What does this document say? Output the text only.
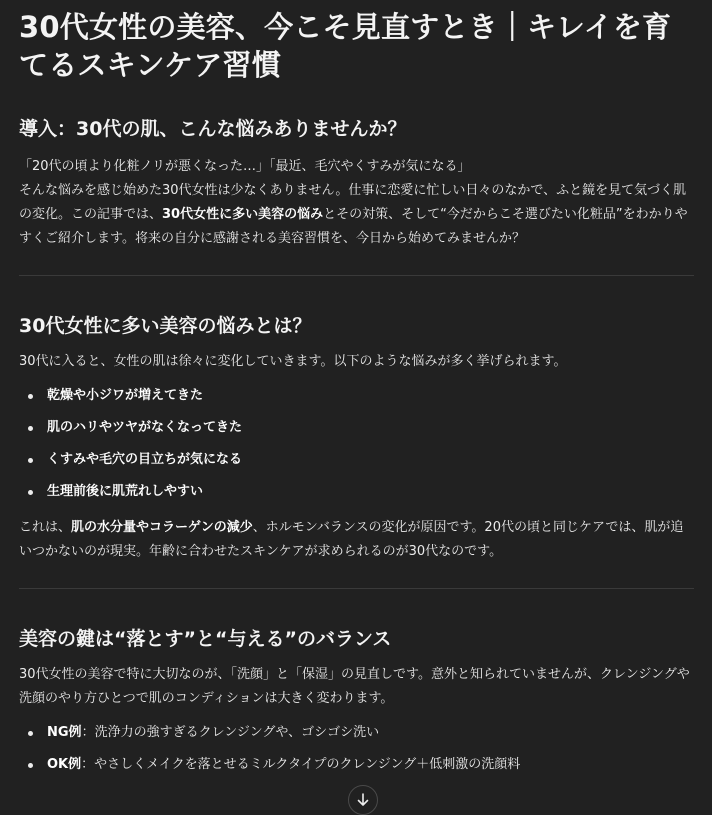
30代女性の美容、今こそ見直すとき｜キレイを育てるスキンケア習慣
導入：30代の肌、こんな悩みありませんか？

「20代の頃より化粧ノリが悪くなった…」「最近、毛穴やくすみが気になる」
そんな悩みを感じ始めた30代女性は少なくありません。仕事に恋愛に忙しい日々のなかで、ふと鏡を見て気づく肌の変化。この記事では、30代女性に多い美容の悩みとその対策、そして“今だからこそ選びたい化粧品”をわかりやすくご紹介します。将来の自分に感謝される美容習慣を、今日から始めてみませんか？

30代女性に多い美容の悩みとは？

30代に入ると、女性の肌は徐々に変化していきます。以下のような悩みが多く挙げられます。

乾燥や小ジワが増えてきた
肌のハリやツヤがなくなってきた
くすみや毛穴の目立ちが気になる
生理前後に肌荒れしやすい

これは、肌の水分量やコラーゲンの減少、ホルモンバランスの変化が原因です。20代の頃と同じケアでは、肌が追いつかないのが現実。年齢に合わせたスキンケアが求められるのが30代なのです。

美容の鍵は“落とす”と“与える”のバランス

30代女性の美容で特に大切なのが、「洗顔」と「保湿」の見直しです。意外と知られていませんが、クレンジングや洗顔のやり方ひとつで肌のコンディションは大きく変わります。

NG例：洗浄力の強すぎるクレンジングや、ゴシゴシ洗い
OK例：やさしくメイクを落とせるミルクタイプのクレンジング＋低刺激の洗顔料
